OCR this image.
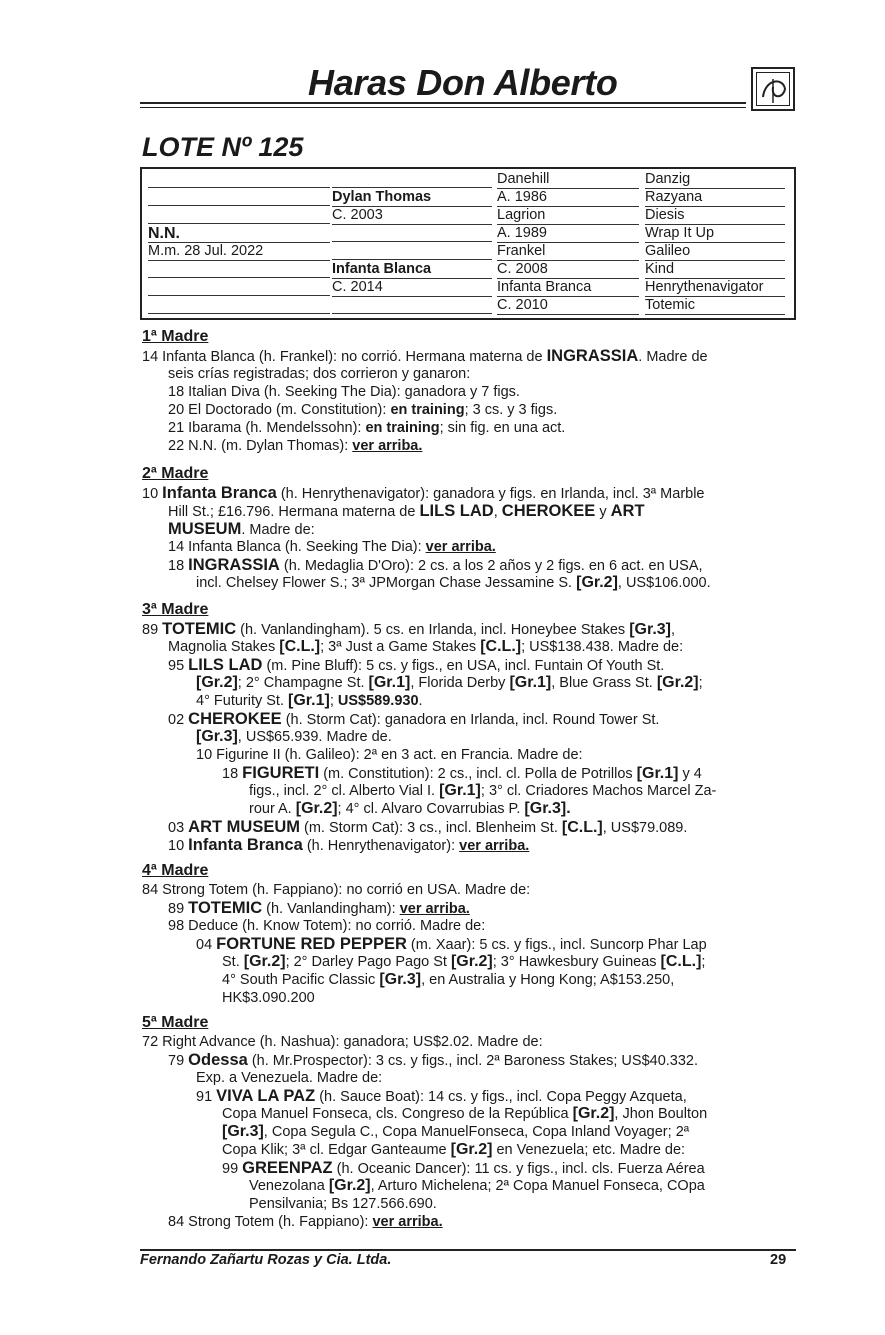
Haras Don Alberto
LOTE Nº 125
N.N.
M.m. 28 Jul. 2022
Dylan Thomas
C. 2003
Infanta Blanca
C. 2014
Danehill
A. 1986
Lagrion
A. 1989
Frankel
C. 2008
Infanta Branca
C. 2010
Danzig
Razyana
Diesis
Wrap It Up
Galileo
Kind
Henrythenavigator
Totemic
1ª Madre
14 Infanta Blanca (h. Frankel): no corrió. Hermana materna de INGRASSIA. Madre de
seis crías registradas; dos corrieron y ganaron:
18 Italian Diva (h. Seeking The Dia): ganadora y 7 figs.
20 El Doctorado (m. Constitution): en training; 3 cs. y 3 figs.
21 Ibarama (h. Mendelssohn): en training; sin fig. en una act.
22 N.N. (m. Dylan Thomas): ver arriba.
2ª Madre
10 Infanta Branca (h. Henrythenavigator): ganadora y figs. en Irlanda, incl. 3ª Marble
Hill St.; £16.796. Hermana materna de LILS LAD, CHEROKEE y ART
MUSEUM. Madre de:
14 Infanta Blanca (h. Seeking The Dia): ver arriba.
18 INGRASSIA (h. Medaglia D'Oro): 2 cs. a los 2 años y 2 figs. en 6 act. en USA,
incl. Chelsey Flower S.; 3ª JPMorgan Chase Jessamine S. [Gr.2], US$106.000.
3ª Madre
89 TOTEMIC (h. Vanlandingham). 5 cs. en Irlanda, incl. Honeybee Stakes [Gr.3],
Magnolia Stakes [C.L.]; 3ª Just a Game Stakes [C.L.]; US$138.438. Madre de:
95 LILS LAD (m. Pine Bluff): 5 cs. y figs., en USA, incl. Funtain Of Youth St.
[Gr.2]; 2° Champagne St. [Gr.1], Florida Derby [Gr.1], Blue Grass St. [Gr.2];
4° Futurity St. [Gr.1]; US$589.930.
02 CHEROKEE (h. Storm Cat): ganadora en Irlanda, incl. Round Tower St.
[Gr.3], US$65.939. Madre de.
10 Figurine II (h. Galileo): 2ª en 3 act. en Francia. Madre de:
18 FIGURETI (m. Constitution): 2 cs., incl. cl. Polla de Potrillos [Gr.1] y 4
figs., incl. 2° cl. Alberto Vial I. [Gr.1]; 3° cl. Criadores Machos Marcel Za-
rour A. [Gr.2]; 4° cl. Alvaro Covarrubias P. [Gr.3].
03 ART MUSEUM (m. Storm Cat): 3 cs., incl. Blenheim St. [C.L.], US$79.089.
10 Infanta Branca (h. Henrythenavigator): ver arriba.
4ª Madre
84 Strong Totem (h. Fappiano): no corrió en USA. Madre de:
89 TOTEMIC (h. Vanlandingham): ver arriba.
98 Deduce (h. Know Totem): no corrió. Madre de:
04 FORTUNE RED PEPPER (m. Xaar): 5 cs. y figs., incl. Suncorp Phar Lap
St. [Gr.2]; 2° Darley Pago Pago St [Gr.2]; 3° Hawkesbury Guineas [C.L.];
4° South Pacific Classic [Gr.3], en Australia y Hong Kong; A$153.250,
HK$3.090.200
5ª Madre
72 Right Advance (h. Nashua): ganadora; US$2.02. Madre de:
79 Odessa (h. Mr.Prospector): 3 cs. y figs., incl. 2ª Baroness Stakes; US$40.332.
Exp. a Venezuela. Madre de:
91 VIVA LA PAZ (h. Sauce Boat): 14 cs. y figs., incl. Copa Peggy Azqueta,
Copa Manuel Fonseca, cls. Congreso de la República [Gr.2], Jhon Boulton
[Gr.3], Copa Segula C., Copa ManuelFonseca, Copa Inland Voyager; 2ª
Copa Klik; 3ª cl. Edgar Ganteaume [Gr.2] en Venezuela; etc. Madre de:
99 GREENPAZ (h. Oceanic Dancer): 11 cs. y figs., incl. cls. Fuerza Aérea
Venezolana [Gr.2], Arturo Michelena; 2ª Copa Manuel Fonseca, COpa
Pensilvania; Bs 127.566.690.
84 Strong Totem (h. Fappiano): ver arriba.
Fernando Zañartu Rozas y Cia. Ltda.	29
